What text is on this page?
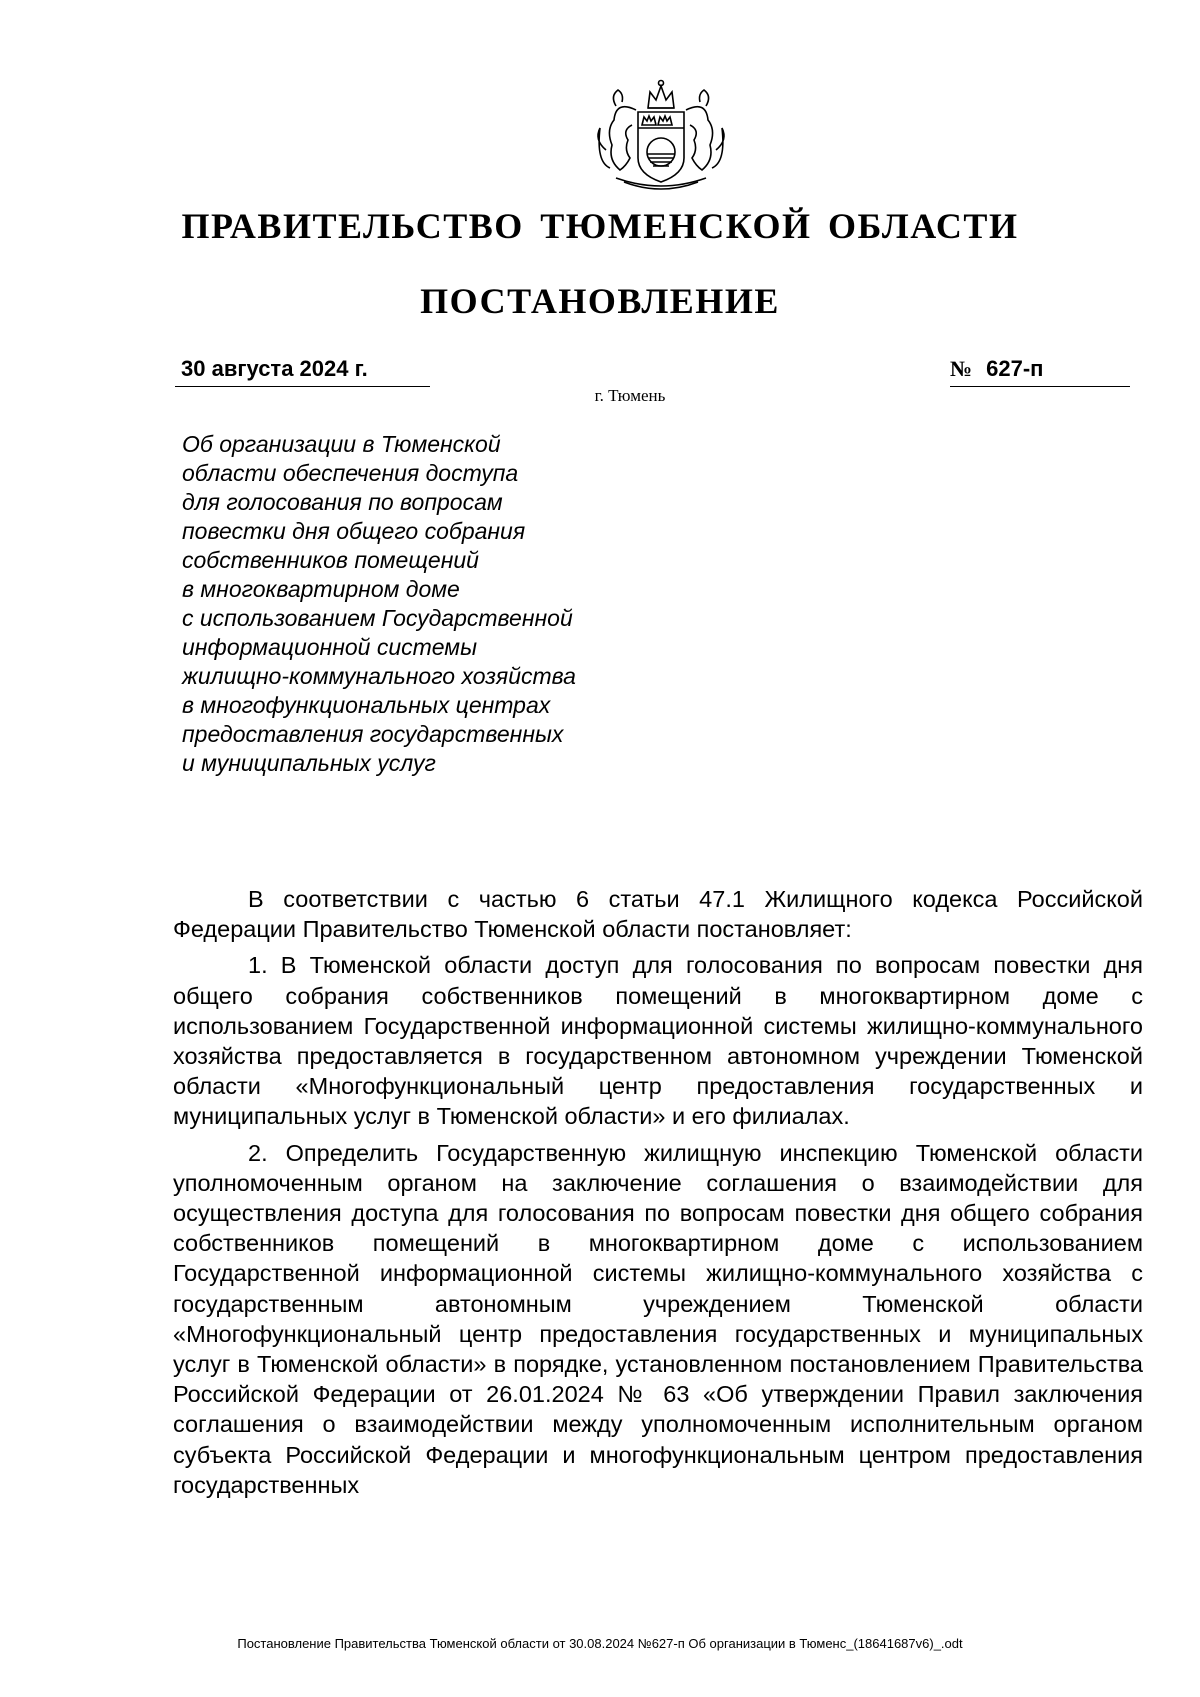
ПРАВИТЕЛЬСТВО ТЮМЕНСКОЙ ОБЛАСТИ
ПОСТАНОВЛЕНИЕ
30 августа 2024 г.	№ 627-п
г. Тюмень
Об организации в Тюменской
области обеспечения доступа
для голосования по вопросам
повестки дня общего собрания
собственников помещений
в многоквартирном доме
с использованием Государственной
информационной системы
жилищно-коммунального хозяйства
в многофункциональных центрах
предоставления государственных
и муниципальных услуг

В соответствии с частью 6 статьи 47.1 Жилищного кодекса Российской Федерации Правительство Тюменской области постановляет:

1. В Тюменской области доступ для голосования по вопросам повестки дня общего собрания собственников помещений в многоквартирном доме с использованием Государственной информационной системы жилищно-коммунального хозяйства предоставляется в государственном автономном учреждении Тюменской области «Многофункциональный центр предоставления государственных и муниципальных услуг в Тюменской области» и его филиалах.

2. Определить Государственную жилищную инспекцию Тюменской области уполномоченным органом на заключение соглашения о взаимодействии для осуществления доступа для голосования по вопросам повестки дня общего собрания собственников помещений в многоквартирном доме с использованием Государственной информационной системы жилищно-коммунального хозяйства с государственным автономным учреждением Тюменской области «Многофункциональный центр предоставления государственных и муниципальных услуг в Тюменской области» в порядке, установленном постановлением Правительства Российской Федерации от 26.01.2024 № 63 «Об утверждении Правил заключения соглашения о взаимодействии между уполномоченным исполнительным органом субъекта Российской Федерации и многофункциональным центром предоставления государственных

Постановление Правительства Тюменской области от 30.08.2024 №627-п Об организации в Тюменс_(18641687v6)_.odt
